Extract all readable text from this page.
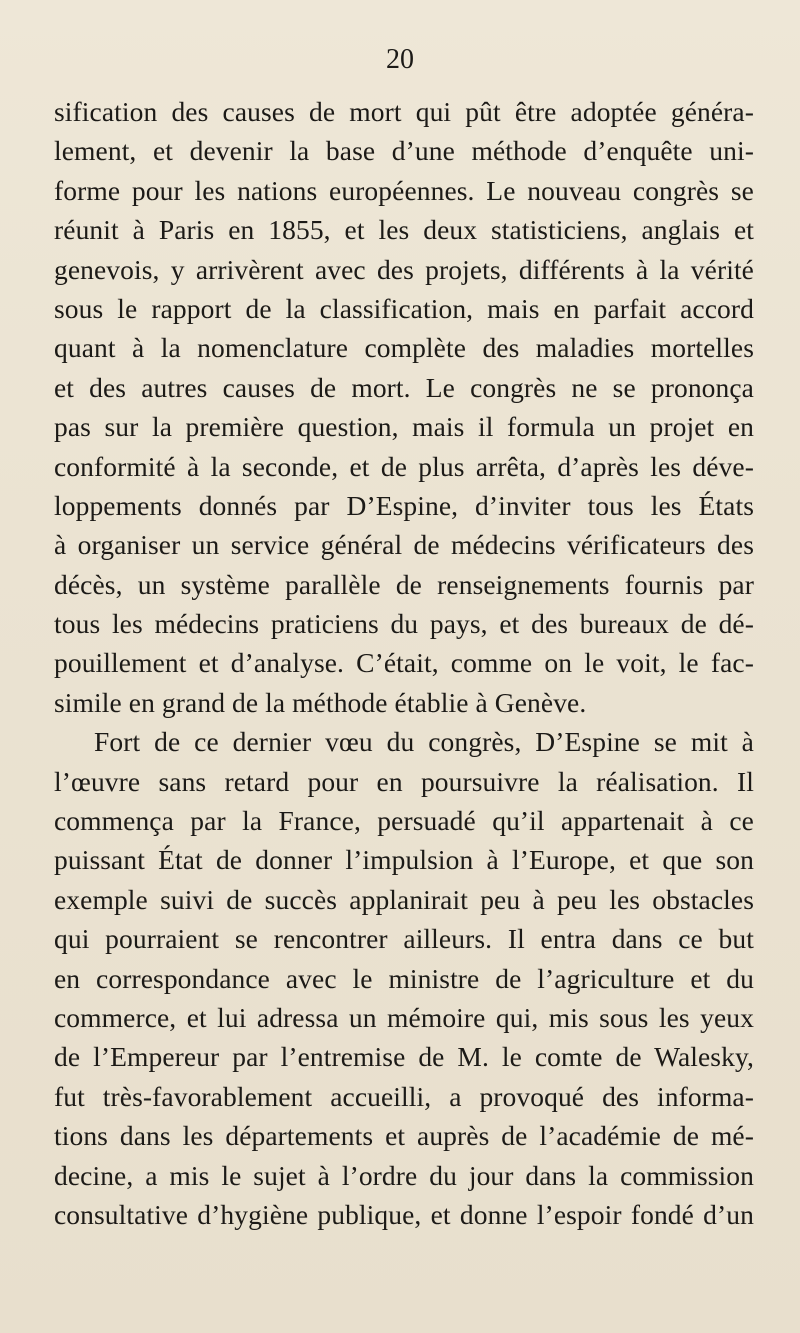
20
sification des causes de mort qui pût être adoptée généra-
lement, et devenir la base d’une méthode d’enquête uni-
forme pour les nations européennes. Le nouveau congrès se
réunit à Paris en 1855, et les deux statisticiens, anglais et
genevois, y arrivèrent avec des projets, différents à la vérité
sous le rapport de la classification, mais en parfait accord
quant à la nomenclature complète des maladies mortelles
et des autres causes de mort. Le congrès ne se prononça
pas sur la première question, mais il formula un projet en
conformité à la seconde, et de plus arrêta, d’après les déve-
loppements donnés par D’Espine, d’inviter tous les États
à organiser un service général de médecins vérificateurs des
décès, un système parallèle de renseignements fournis par
tous les médecins praticiens du pays, et des bureaux de dé-
pouillement et d’analyse. C’était, comme on le voit, le fac-
simile en grand de la méthode établie à Genève.
Fort de ce dernier vœu du congrès, D’Espine se mit à
l’œuvre sans retard pour en poursuivre la réalisation. Il
commença par la France, persuadé qu’il appartenait à ce
puissant État de donner l’impulsion à l’Europe, et que son
exemple suivi de succès applanirait peu à peu les obstacles
qui pourraient se rencontrer ailleurs. Il entra dans ce but
en correspondance avec le ministre de l’agriculture et du
commerce, et lui adressa un mémoire qui, mis sous les yeux
de l’Empereur par l’entremise de M. le comte de Walesky,
fut très-favorablement accueilli, a provoqué des informa-
tions dans les départements et auprès de l’académie de mé-
decine, a mis le sujet à l’ordre du jour dans la commission
consultative d’hygiène publique, et donne l’espoir fondé d’un
